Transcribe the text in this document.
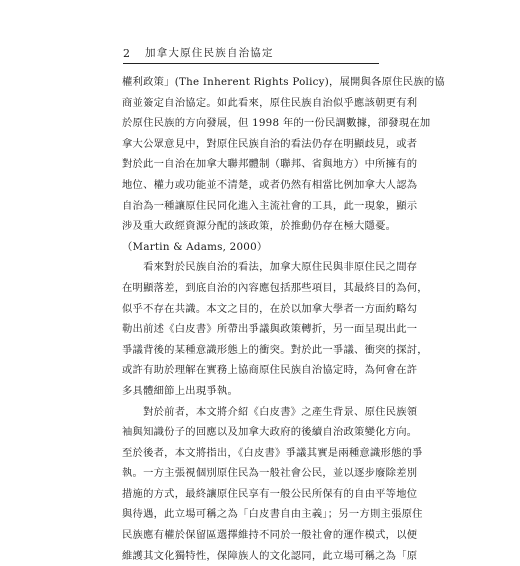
2 加拿大原住民族自治協定
權利政策」(The Inherent Rights Policy)，展開與各原住民族的協
商並簽定自治協定。如此看來，原住民族自治似乎應該朝更有利
於原住民族的方向發展，但 1998 年的一份民調數據，卻發現在加
拿大公眾意見中，對原住民族自治的看法仍存在明顯歧見，或者
對於此一自治在加拿大聯邦體制（聯邦、省與地方）中所擁有的
地位、權力或功能並不清楚，或者仍然有相當比例加拿大人認為
自治為一種讓原住民同化進入主流社會的工具，此一現象，顯示
涉及重大政經資源分配的該政策，於推動仍存在極大隱憂。
（Martin & Adams, 2000）
　　看來對於民族自治的看法，加拿大原住民與非原住民之間存
在明顯落差，到底自治的內容應包括那些項目，其最終目的為何，
似乎不存在共識。本文之目的，在於以加拿大學者一方面約略勾
勒出前述《白皮書》所帶出爭議與政策轉折，另一面呈現出此一
爭議背後的某種意識形態上的衝突。對於此一爭議、衝突的探討，
或許有助於理解在實務上協商原住民族自治協定時，為何會在許
多具體細節上出現爭執。
　　對於前者，本文將介紹《白皮書》之產生背景、原住民族領
袖與知識份子的回應以及加拿大政府的後續自治政策變化方向。
至於後者，本文將指出，《白皮書》爭議其實是兩種意識形態的爭
執。一方主張視個別原住民為一般社會公民，並以逐步廢除差別
措施的方式，最終讓原住民享有一般公民所保有的自由平等地位
與待遇，此立場可稱之為「白皮書自由主義」；另一方則主張原住
民族應有權於保留區選擇維持不同於一般社會的運作模式，以便
維護其文化獨特性，保障族人的文化認同，此立場可稱之為「原
